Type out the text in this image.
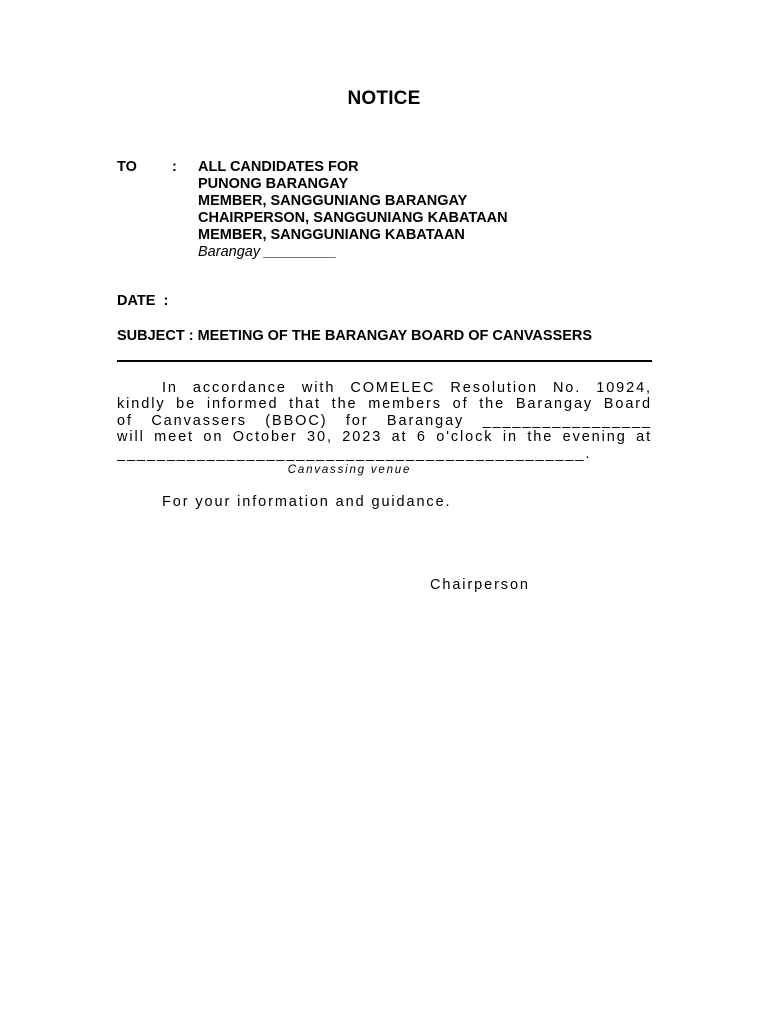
NOTICE
TO	: ALL CANDIDATES FOR
PUNONG BARANGAY
MEMBER, SANGGUNIANG BARANGAY
CHAIRPERSON, SANGGUNIANG KABATAAN
MEMBER, SANGGUNIANG KABATAAN
Barangay _________
DATE  :
SUBJECT : MEETING OF THE BARANGAY BOARD OF CANVASSERS
In accordance with COMELEC Resolution No. 10924,
kindly be informed that the members of the Barangay Board
of Canvassers (BBOC) for Barangay _________________
will meet on October 30, 2023 at 6 o'clock in the evening at
_______________________________________________.
Canvassing venue
For your information and guidance.
Chairperson
